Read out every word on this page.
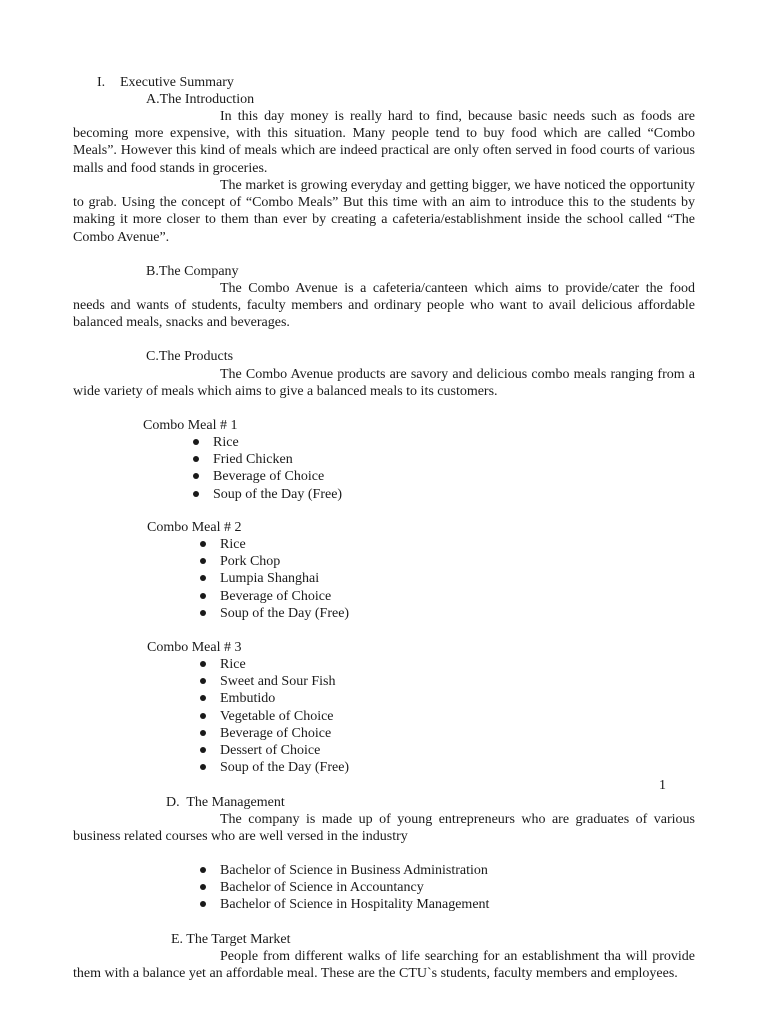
I. Executive Summary
A.The Introduction

In this day money is really hard to find, because basic needs such as foods are becoming more expensive, with this situation. Many people tend to buy food which are called “Combo Meals”. However this kind of meals which are indeed practical are only often served in food courts of various malls and food stands in groceries.

The market is growing everyday and getting bigger, we have noticed the opportunity to grab. Using the concept of “Combo Meals” But this time with an aim to introduce this to the students by making it more closer to them than ever by creating a cafeteria/establishment inside the school called “The Combo Avenue”.

B.The Company

The Combo Avenue is a cafeteria/canteen which aims to provide/cater the food needs and wants of students, faculty members and ordinary people who want to avail delicious affordable balanced meals, snacks and beverages.

C.The Products

The Combo Avenue products are savory and delicious combo meals ranging from a wide variety of meals which aims to give a balanced meals to its customers.

Combo Meal # 1
Rice
Fried Chicken
Beverage of Choice
Soup of the Day (Free)
Combo Meal # 2
Rice
Pork Chop
Lumpia Shanghai
Beverage of Choice
Soup of the Day (Free)
Combo Meal # 3
Rice
Sweet and Sour Fish
Embutido
Vegetable of Choice
Beverage of Choice
Dessert of Choice
Soup of the Day (Free)
1
D.  The Management

The company is made up of young entrepreneurs who are graduates of various business related courses who are well versed in the industry

Bachelor of Science in Business Administration
Bachelor of Science in Accountancy
Bachelor of Science in Hospitality Management
E. The Target Market

People from different walks of life searching for an establishment tha will provide them with a balance yet an affordable meal. These are the CTU`s students, faculty members and employees.
